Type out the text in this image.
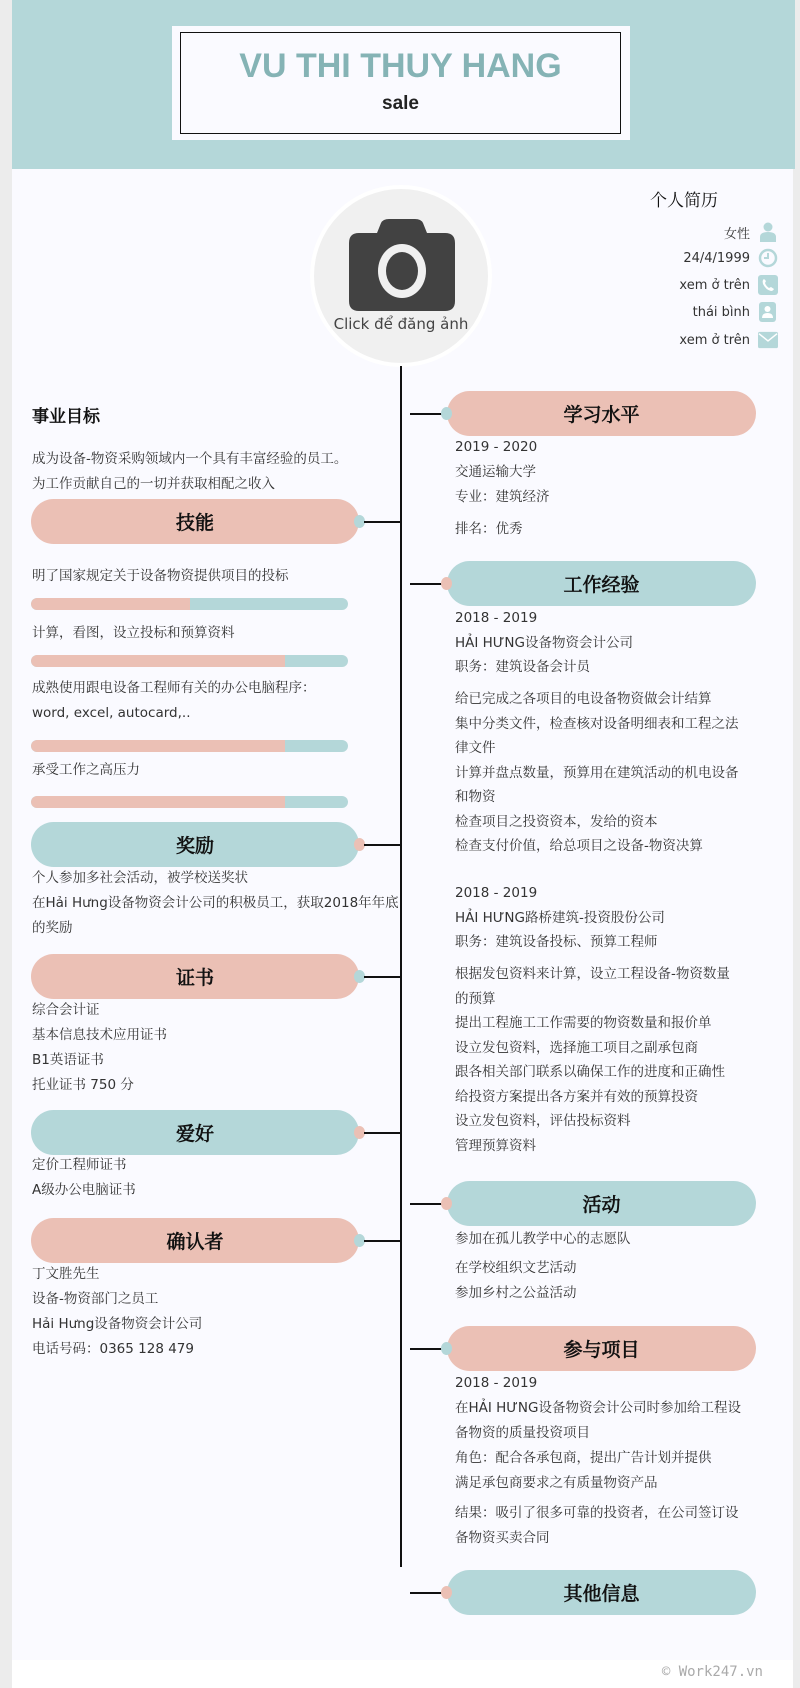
VU THI THUY HANG
sale
Click để đăng ảnh
个人简历
女性
24/4/1999
xem ở trên
thái bình
xem ở trên
事业目标
成为设备-物资采购领域内一个具有丰富经验的员工。
为工作贡献自己的一切并获取相配之收入
技能
明了国家规定关于设备物资提供项目的投标
计算，看图，设立投标和预算资料
成熟使用跟电设备工程师有关的办公电脑程序：
word, excel, autocard,..
承受工作之高压力
奖励
个人参加多社会活动，被学校送奖状
在Hải Hưng设备物资会计公司的积极员工，获取2018年年底
的奖励
证书
综合会计证
基本信息技术应用证书
B1英语证书
托业证书 750 分
爱好
定价工程师证书
A级办公电脑证书
确认者
丁文胜先生
设备-物资部门之员工
Hải Hưng设备物资会计公司
电话号码：0365 128 479
学习水平
2019 - 2020
交通运输大学
专业：建筑经济
排名：优秀
工作经验
2018 - 2019
HẢI HƯNG设备物资会计公司
职务：建筑设备会计员
给已完成之各项目的电设备物资做会计结算
集中分类文件，检查核对设备明细表和工程之法
律文件
计算并盘点数量，预算用在建筑活动的机电设备
和物资
检查项目之投资资本，发给的资本
检查支付价值，给总项目之设备-物资决算
2018 - 2019
HẢI HƯNG路桥建筑-投资股份公司
职务：建筑设备投标、预算工程师
根据发包资料来计算，设立工程设备-物资数量
的预算
提出工程施工工作需要的物资数量和报价单
设立发包资料，选择施工项目之副承包商
跟各相关部门联系以确保工作的进度和正确性
给投资方案提出各方案并有效的预算投资
设立发包资料，评估投标资料
管理预算资料
活动
参加在孤儿教学中心的志愿队
在学校组织文艺活动
参加乡村之公益活动
参与项目
2018 - 2019
在HẢI HƯNG设备物资会计公司时参加给工程设
备物资的质量投资项目
角色：配合各承包商，提出广告计划并提供
满足承包商要求之有质量物资产品
结果：吸引了很多可靠的投资者，在公司签订设
备物资买卖合同
其他信息
© Work247.vn
